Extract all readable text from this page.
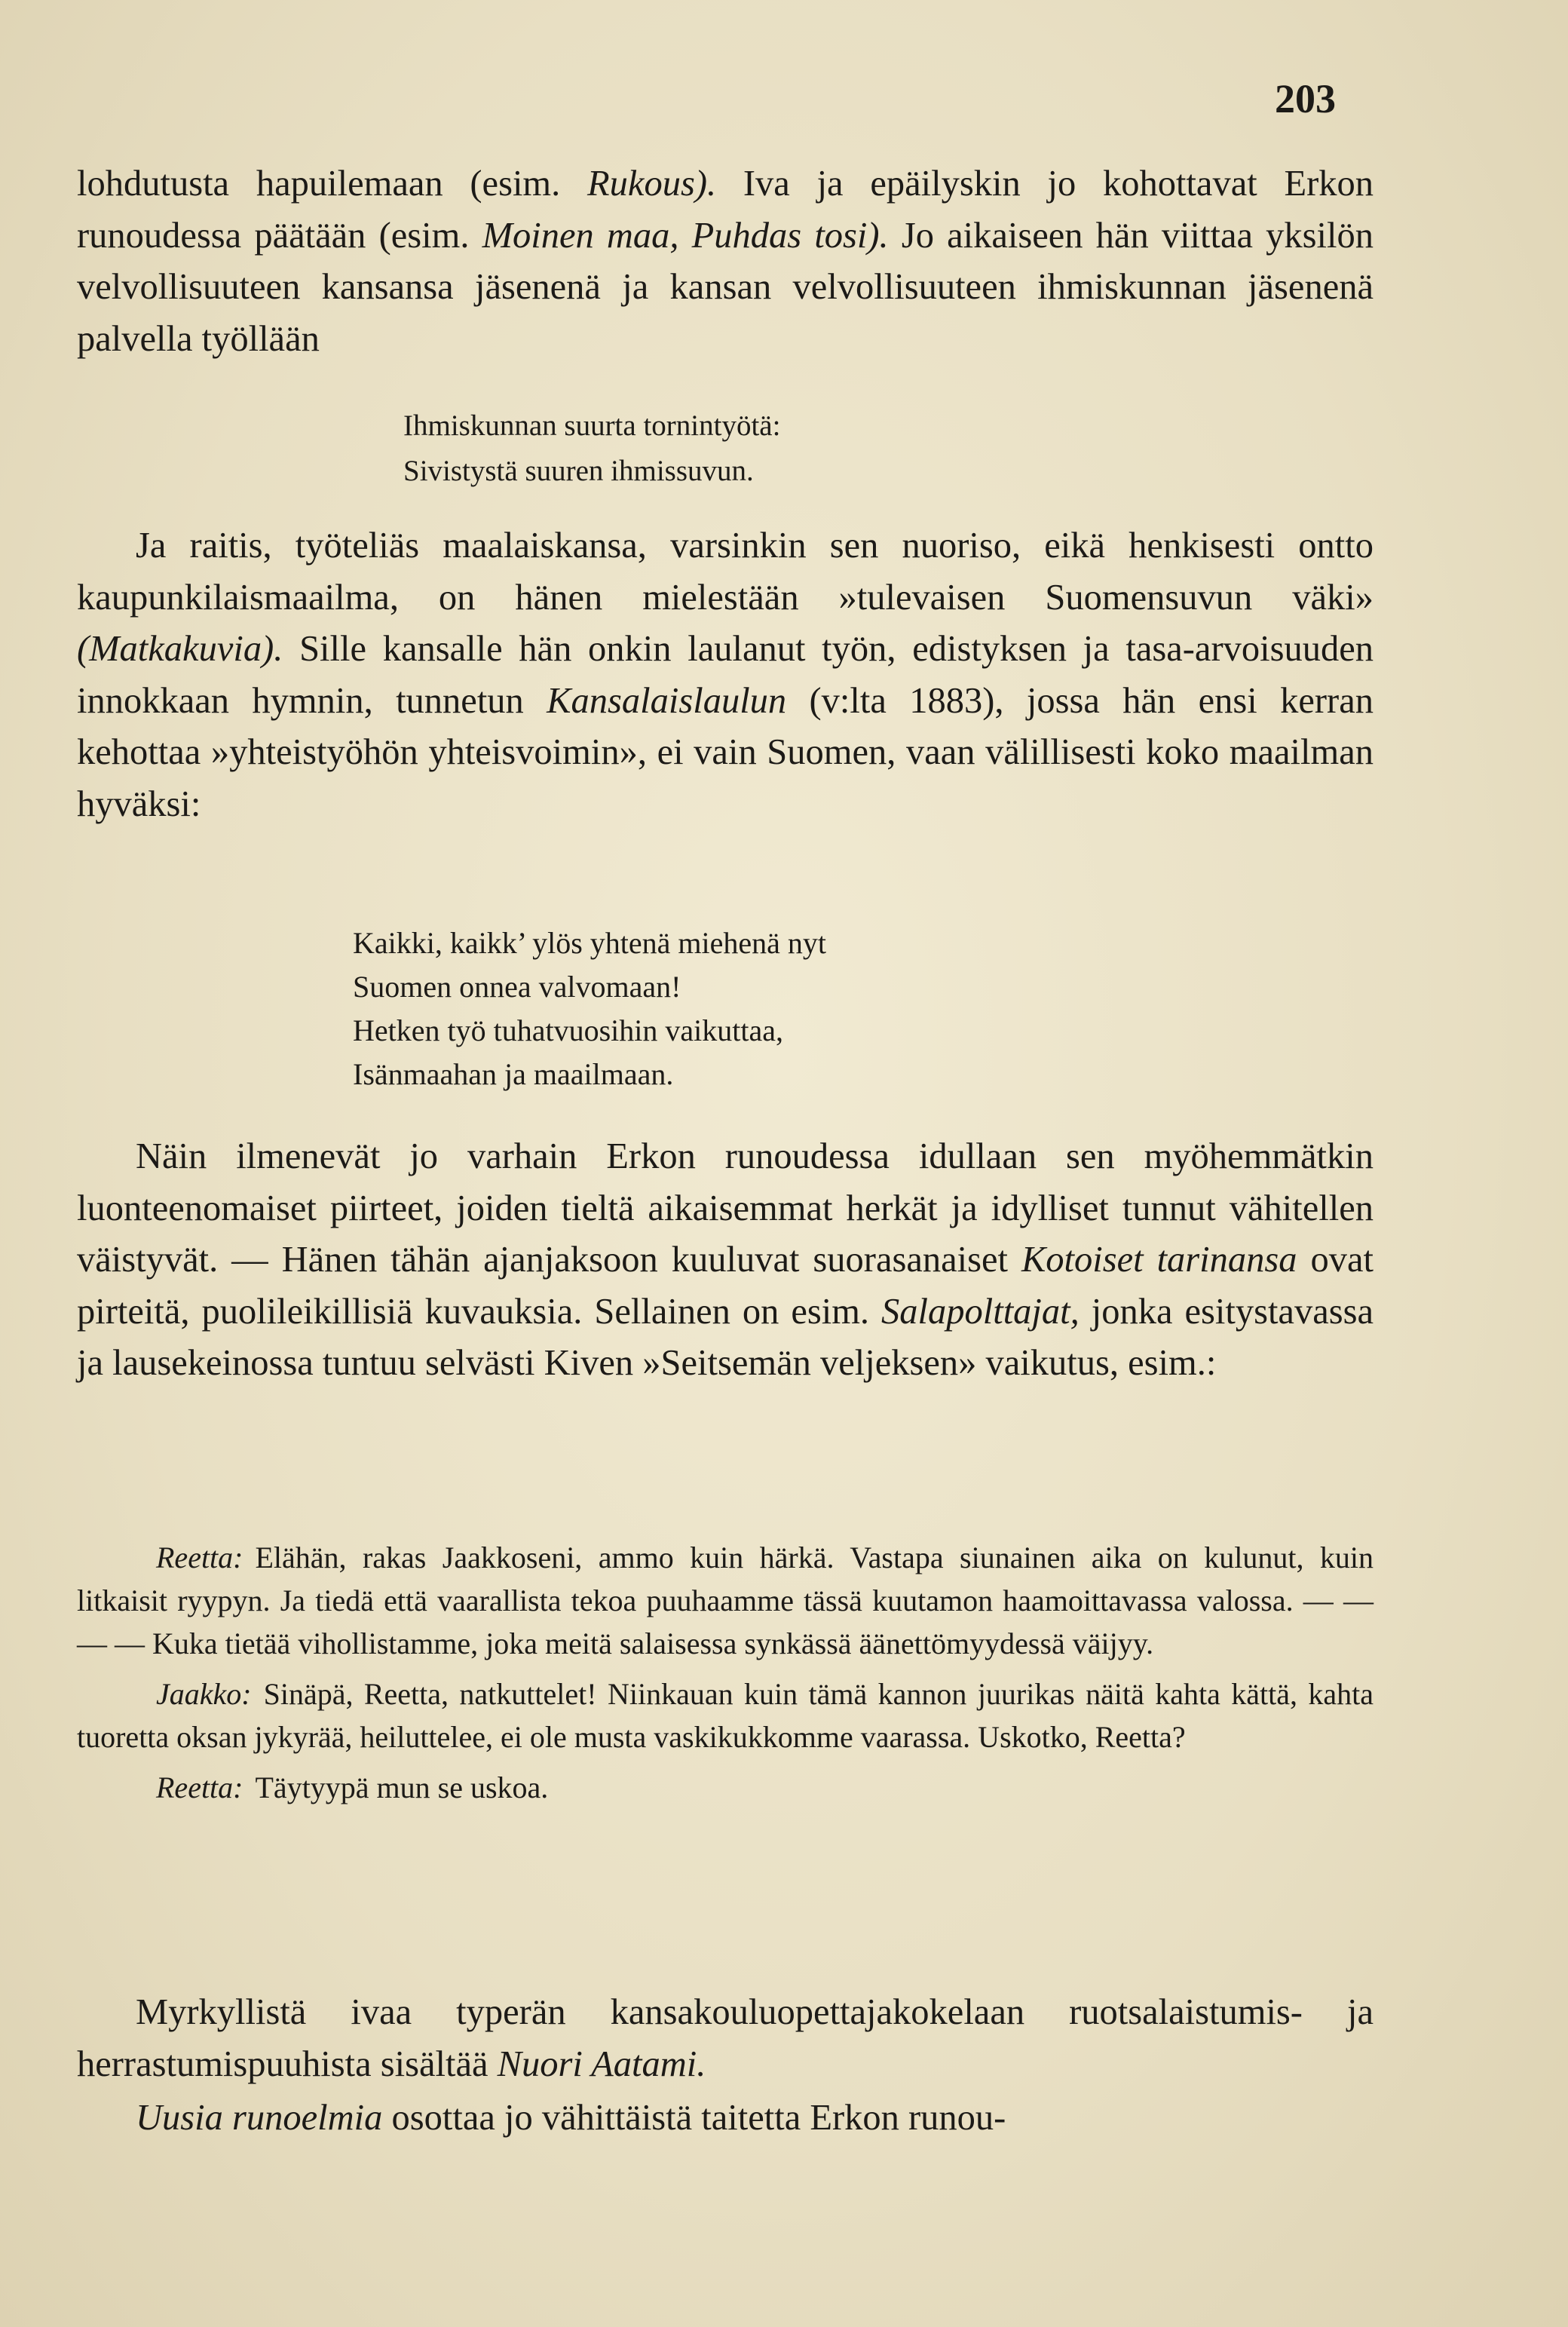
203

lohdutusta hapuilemaan (esim. Rukous). Iva ja epäilyskin jo kohottavat Erkon runoudessa päätään (esim. Moinen maa, Puhdas tosi). Jo aikaiseen hän viittaa yksilön velvollisuuteen kansansa jäsenenä ja kansan velvollisuuteen ihmiskunnan jäsenenä palvella työllään

Ihmiskunnan suurta tornintyötä:
Sivistystä suuren ihmissuvun.

Ja raitis, työteliäs maalaiskansa, varsinkin sen nuoriso, eikä henkisesti ontto kaupunkilaismaailma, on hänen mielestään »tulevaisen Suomensuvun väki» (Matkakuvia). Sille kansalle hän onkin laulanut työn, edistyksen ja tasa-arvoisuuden innokkaan hymnin, tunnetun Kansalaislaulun (v:lta 1883), jossa hän ensi kerran kehottaa »yhteistyöhön yhteisvoimin», ei vain Suomen, vaan välillisesti koko maailman hyväksi:

Kaikki, kaikk’ ylös yhtenä miehenä nyt
Suomen onnea valvomaan!
Hetken työ tuhatvuosihin vaikuttaa,
Isänmaahan ja maailmaan.

Näin ilmenevät jo varhain Erkon runoudessa idullaan sen myöhemmätkin luonteenomaiset piirteet, joiden tieltä aikaisemmat herkät ja idylliset tunnut vähitellen väistyvät. — Hänen tähän ajanjaksoon kuuluvat suorasanaiset Kotoiset tarinansa ovat pirteitä, puolileikillisiä kuvauksia. Sellainen on esim. Salapolttajat, jonka esitystavassa ja lausekeinossa tuntuu selvästi Kiven »Seitsemän veljeksen» vaikutus, esim.:

Reetta: Elähän, rakas Jaakkoseni, ammo kuin härkä. Vastapa siunainen aika on kulunut, kuin litkaisit ryypyn. Ja tiedä että vaarallista tekoa puuhaamme tässä kuutamon haamoittavassa valossa. — — — — Kuka tietää vihollistamme, joka meitä salaisessa synkässä äänettömyydessä väijyy.

Jaakko: Sinäpä, Reetta, natkuttelet! Niinkauan kuin tämä kannon juurikas näitä kahta kättä, kahta tuoretta oksan jykyrää, heiluttelee, ei ole musta vaskikukkomme vaarassa. Uskotko, Reetta?

Reetta: Täytyypä mun se uskoa.

Myrkyllistä ivaa typerän kansakouluopettajakokelaan ruotsalaistumis- ja herrastumispuuhista sisältää Nuori Aatami.

Uusia runoelmia osottaa jo vähittäistä taitetta Erkon runou-
